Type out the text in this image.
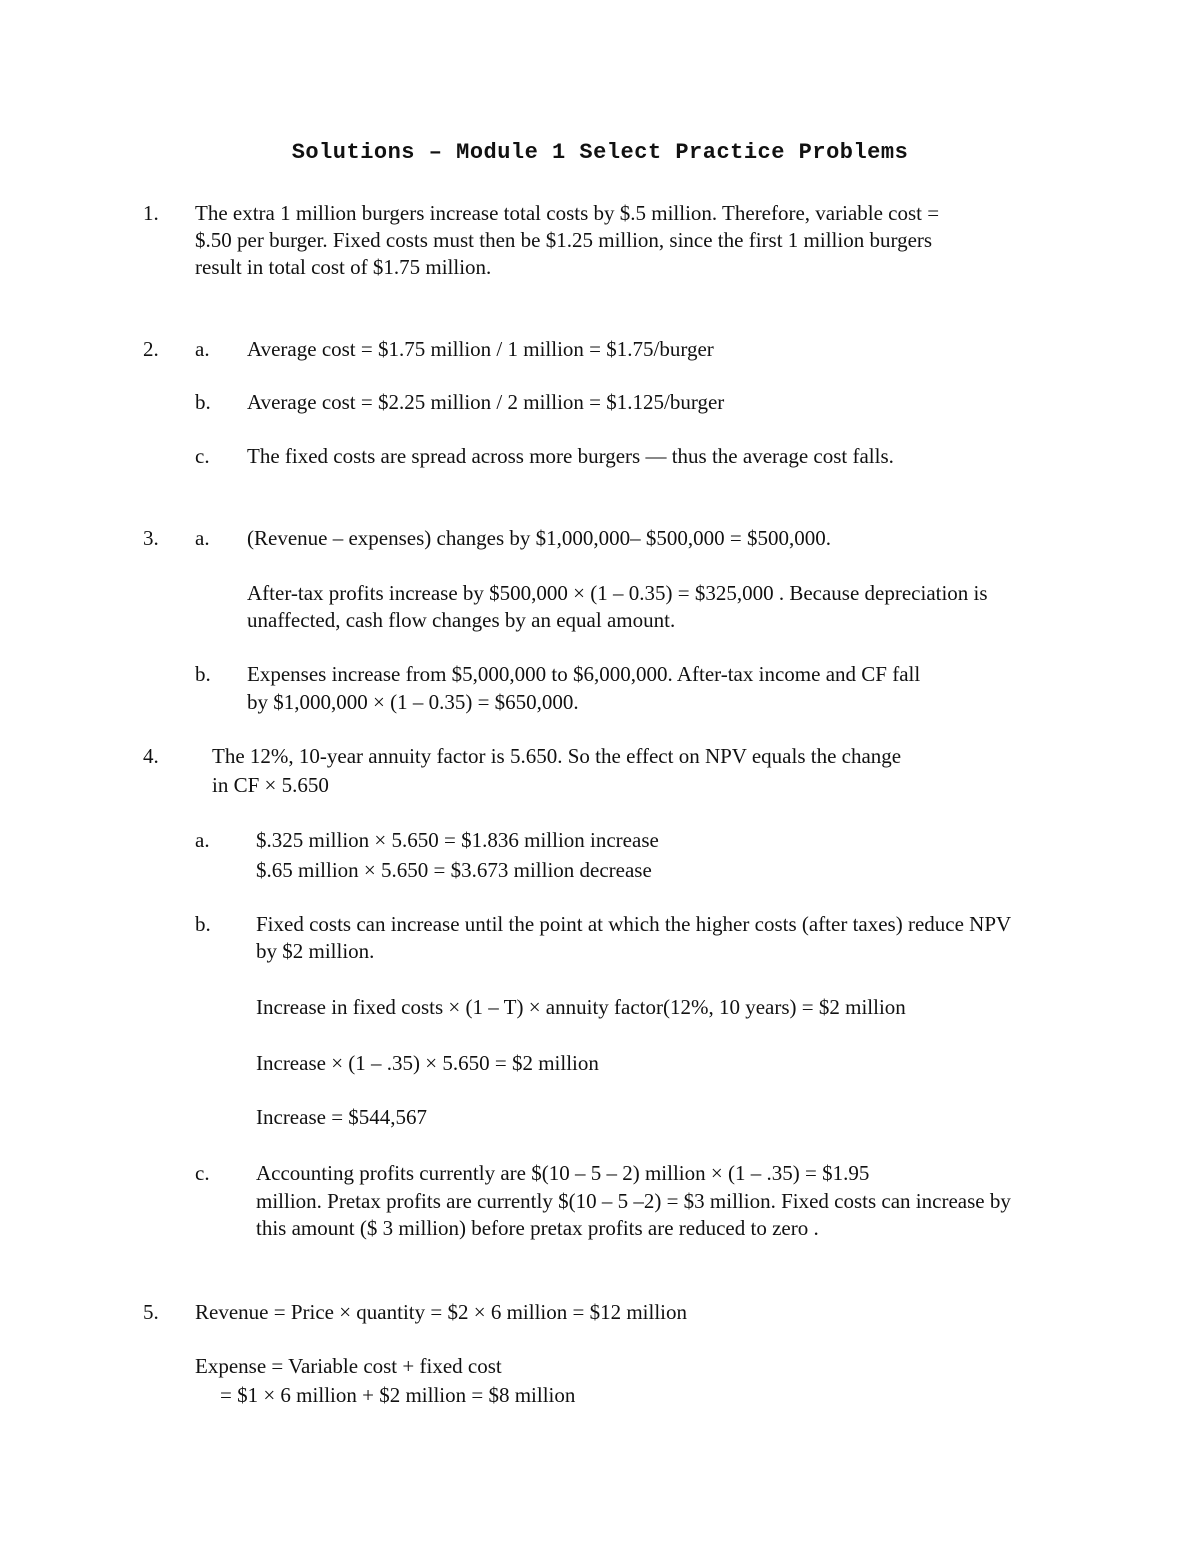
Solutions – Module 1 Select Practice Problems
1. The extra 1 million burgers increase total costs by $.5 million. Therefore, variable cost =
$.50 per burger. Fixed costs must then be $1.25 million, since the first 1 million burgers
result in total cost of $1.75 million.
2. a. Average cost = $1.75 million / 1 million = $1.75/burger
b. Average cost = $2.25 million / 2 million = $1.125/burger
c. The fixed costs are spread across more burgers — thus the average cost falls.
3. a. (Revenue – expenses) changes by $1,000,000– $500,000 = $500,000.
After-tax profits increase by $500,000 × (1 – 0.35) = $325,000 . Because depreciation is
unaffected, cash flow changes by an equal amount.
b. Expenses increase from $5,000,000 to $6,000,000. After-tax income and CF fall
by $1,000,000 × (1 – 0.35) = $650,000.
4.	The 12%, 10-year annuity factor is 5.650. So the effect on NPV equals the change
in CF × 5.650
a. $.325 million × 5.650 = $1.836 million increase
$.65 million × 5.650 = $3.673 million decrease
b. Fixed costs can increase until the point at which the higher costs (after taxes) reduce NPV
by $2 million.
Increase in fixed costs × (1 – T) × annuity factor(12%, 10 years) = $2 million
Increase × (1 – .35) × 5.650 = $2 million
Increase = $544,567
c. Accounting profits currently are $(10 – 5 – 2) million × (1 – .35) = $1.95
million. Pretax profits are currently $(10 – 5 –2) = $3 million. Fixed costs can increase by
this amount ($ 3 million) before pretax profits are reduced to zero .
5. Revenue = Price × quantity = $2 × 6 million = $12 million
Expense = Variable cost + fixed cost
= $1 × 6 million + $2 million = $8 million
